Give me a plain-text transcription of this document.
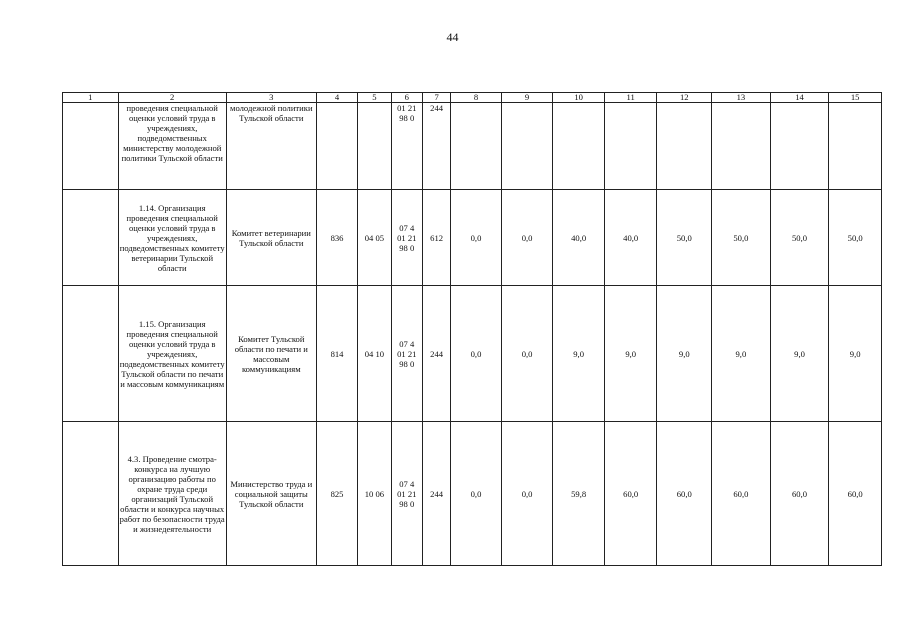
44
1	2	3	4	5	6	7	8	9	10	11	12	13	14	15
	проведения специальной оценки условий труда в учреждениях, подведомственных министерству молодежной политики Тульской области	молодежной политики Тульской области			01 2198 0	244								
	1.14. Организация проведения специальной оценки условий труда в учреждениях, подведомственных комитету ветеринарии Тульской области	Комитет ветеринарии Тульской области	836	04 05	07 4 01 2198 0	612	0,0	0,0	40,0	40,0	50,0	50,0	50,0	50,0
	1.15. Организация проведения специальной оценки условий труда в учреждениях, подведомственных комитету Тульской области по печати и массовым коммуникациям	Комитет Тульской области по печати и массовым коммуникациям	814	04 10	07 4 01 2198 0	244	0,0	0,0	9,0	9,0	9,0	9,0	9,0	9,0
	4.3. Проведение смотра-конкурса на лучшую организацию работы по охране труда среди организаций Тульской области и конкурса научных работ по безопасности труда и жизнедеятельности	Министерство труда и социальной защиты Тульской области	825	10 06	07 4 01 2198 0	244	0,0	0,0	59,8	60,0	60,0	60,0	60,0	60,0
